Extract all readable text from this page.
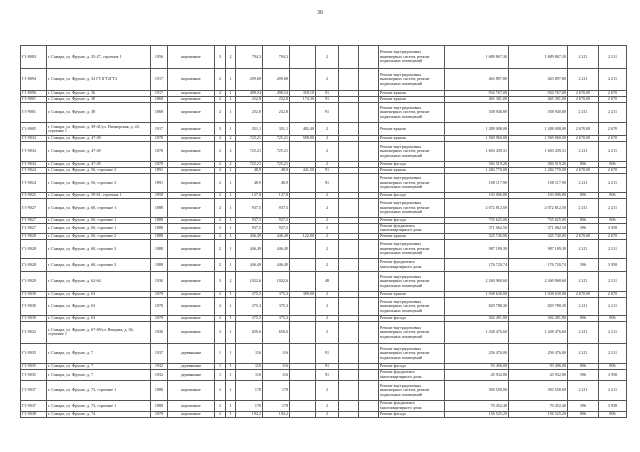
36
Г1-8083	г. Самара, ул. Фрунзе, д. 25-27, строение 1	1956	кирпичные	3	2	794,3	794,3		2			Ремонт внутридомовых инженерных систем, ремонт подвальных помещений	1 689 867,30	1 689 867,30	2 211	2 211
Г1-8094	г. Самара, ул. Фрунзе, д. 32 ГТ1ГТ2ГТ3	1917	кирпичные	2	1	209,68	209,68		2			Ремонт внутридомовых инженерных систем, ремонт подвальных помещений	463 897,80	463 897,80	2 211	2 211
Г1-8096	г. Самара, ул. Фрунзе, д. 36	1917	кирпичные	2	1	498,54	498,54	350,10	91			Ремонт крыши	934 767,00	934 767,00	2 670,00	2 670
Г1-9001	г. Самара, ул. Фрунзе, д. 38	1868	кирпичные	2	1	252,8	252,8	174,30	91			Ремонт крыши	465 381,00	465 381,00	2 670,00	2 670
Г1-9001	г. Самара, ул. Фрунзе, д. 38	1868	кирпичные	2	1	252,8	252,8		91			Ремонт внутридомовых инженерных систем, ремонт подвальных помещений	558 940,80	558 940,80	2 211	2 211
Г1-9005	г. Самара, ул. Фрунзе, д. 39-41/ул. Пионерская, д. 43, строение 1	1917	кирпичные	3	1	351,1	351,1	482,40	2			Ремонт крыши	1 288 008,00	1 288 008,00	2 670,00	2 670
Г1-9034	г. Самара, ул. Фрунзе, д. 47-49	1878	кирпичные	2	2	725,21	725,21	588,00	2			Ремонт крыши	1 569 960,00	1 569 960,00	2 670,00	2 670
Г1-9034	г. Самара, ул. Фрунзе, д. 47-49	1878	кирпичные	2	2	725,21	725,21		2			Ремонт внутридомовых инженерных систем, ремонт подвальных помещений	1 603 439,31	1 603 439,31	2 211	2 211
Г1-9034	г. Самара, ул. Фрунзе, д. 47-49	1878	кирпичные	2	2	725,21	725,21		2			Ремонт фасада	584 519,26	584 519,26	806	806
Г1-9024	г. Самара, ул. Фрунзе, д. 56, строение 2	1891	кирпичные	2	1	48,9	48,9	441,50	91			Ремонт крыши	1 284 770,00	1 284 770,00	2 670,00	2 670
Г1-9024	г. Самара, ул. Фрунзе, д. 56, строение 2	1891	кирпичные	2	1	48,9	48,9		91			Ремонт внутридомовых инженерных систем, ремонт подвальных помещений	108 117,90	108 117,90	2 211	2 211
Г1-9025	г. Самара, ул. Фрунзе, д. 59-61, строение 1	1858	кирпичные	2	1	127,8	127,8		2			Ремонт фасада	103 006,80	103 006,80	806	806
Г1-9027	г. Самара, ул. Фрунзе, д. 60, строение 1	1888	кирпичные	2	1	937,5	937,5		2			Ремонт внутридомовых инженерных систем, ремонт подвальных помещений	2 072 812,50	2 072 812,50	2 211	2 211
Г1-9027	г. Самара, ул. Фрунзе, д. 60, строение 1	1888	кирпичные	2	1	937,5	937,5		2			Ремонт фасада	755 625,00	755 625,00	806	806
Г1-9027	г. Самара, ул. Фрунзе, д. 60, строение 1	1888	кирпичные	2	1	937,5	937,5		2			Ремонт фундамента многоквартирного дома	371 062,50	371 062,50	396	3 958
Г1-9028	г. Самара, ул. Фрунзе, д. 60, строение 2	1888	кирпичные	2	1	446,49	446,49	122,00	2			Ремонт крыши	325 740,00	325 740,00	2 670,00	2 670
Г1-9028	г. Самара, ул. Фрунзе, д. 60, строение 2	1888	кирпичные	2	1	446,49	446,49		2			Ремонт внутридомовых инженерных систем, ремонт подвальных помещений	987 189,39	987 189,39	2 211	2 211
Г1-9028	г. Самара, ул. Фрунзе, д. 60, строение 2	1888	кирпичные	2	1	446,49	446,49		2			Ремонт фундамента многоквартирного дома	176 720,74	176 720,74	396	3 958
Г1-9029	г. Самара, ул. Фрунзе, д. 62-64	1930	кирпичные	3	2	1022,6	1022,6		48			Ремонт внутридомовых инженерных систем, ремонт подвальных помещений	2 260 968,60	2 260 968,60	2 211	2 211
Г1-9030	г. Самара, ул. Фрунзе, д. 63	1878	кирпичные	2	1	375,3	375,3	389,00	2			Ремонт крыши	1 038 630,00	1 038 630,00	2 670,00	2 670
Г1-9030	г. Самара, ул. Фрунзе, д. 63	1878	кирпичные	2	1	375,3	375,3		2			Ремонт внутридомовых инженерных систем, ремонт подвальных помещений	829 788,30	829 788,30	2 211	2 211
Г1-9030	г. Самара, ул. Фрунзе, д. 63	1878	кирпичные	2	1	375,3	375,3		2			Ремонт фасада	302 491,80	302 491,80	806	806
Г1-9032	г. Самара, ул. Фрунзе, д. 67-69/ул. Венцека, д. 36, строение 1	1930	кирпичные	3	1	650,6	650,6		2			Ремонт внутридомовых инженерных систем, ремонт подвальных помещений	1 438 476,60	1 438 476,60	2 211	2 211
Г1-9035	г. Самара, ул. Фрунзе, д. 7	1937	деревянные	1	1	116	116		91			Ремонт внутридомовых инженерных систем, ремонт подвальных помещений	256 476,00	256 476,00	2 211	2 211
Г1-9035	г. Самара, ул. Фрунзе, д. 7	1932	деревянные	1	1	116	116		91			Ремонт фасада	93 496,00	93 496,00	806	806
Г1-9035	г. Самара, ул. Фрунзе, д. 7	1932	деревянные	1	1	116	116		91			Ремонт фундамента многоквартирного дома	45 932,80	45 932,80	396	3 958
Г1-9037	г. Самара, ул. Фрунзе, д. 73, строение 1	1888	кирпичные	2	1	178	178		2			Ремонт внутридомовых инженерных систем, ремонт подвальных помещений	393 558,00	393 558,00	2 211	2 211
Г1-9037	г. Самара, ул. Фрунзе, д. 73, строение 1	1888	кирпичные	2	1	178	178		2			Ремонт фундамента многоквартирного дома	70 452,40	70 452,40	396	3 958
Г1-9038	г. Самара, ул. Фрунзе, д. 74	1878	кирпичные	2	1	194,2	194,2		2			Ремонт фасада	156 525,20	156 525,20	806	806
